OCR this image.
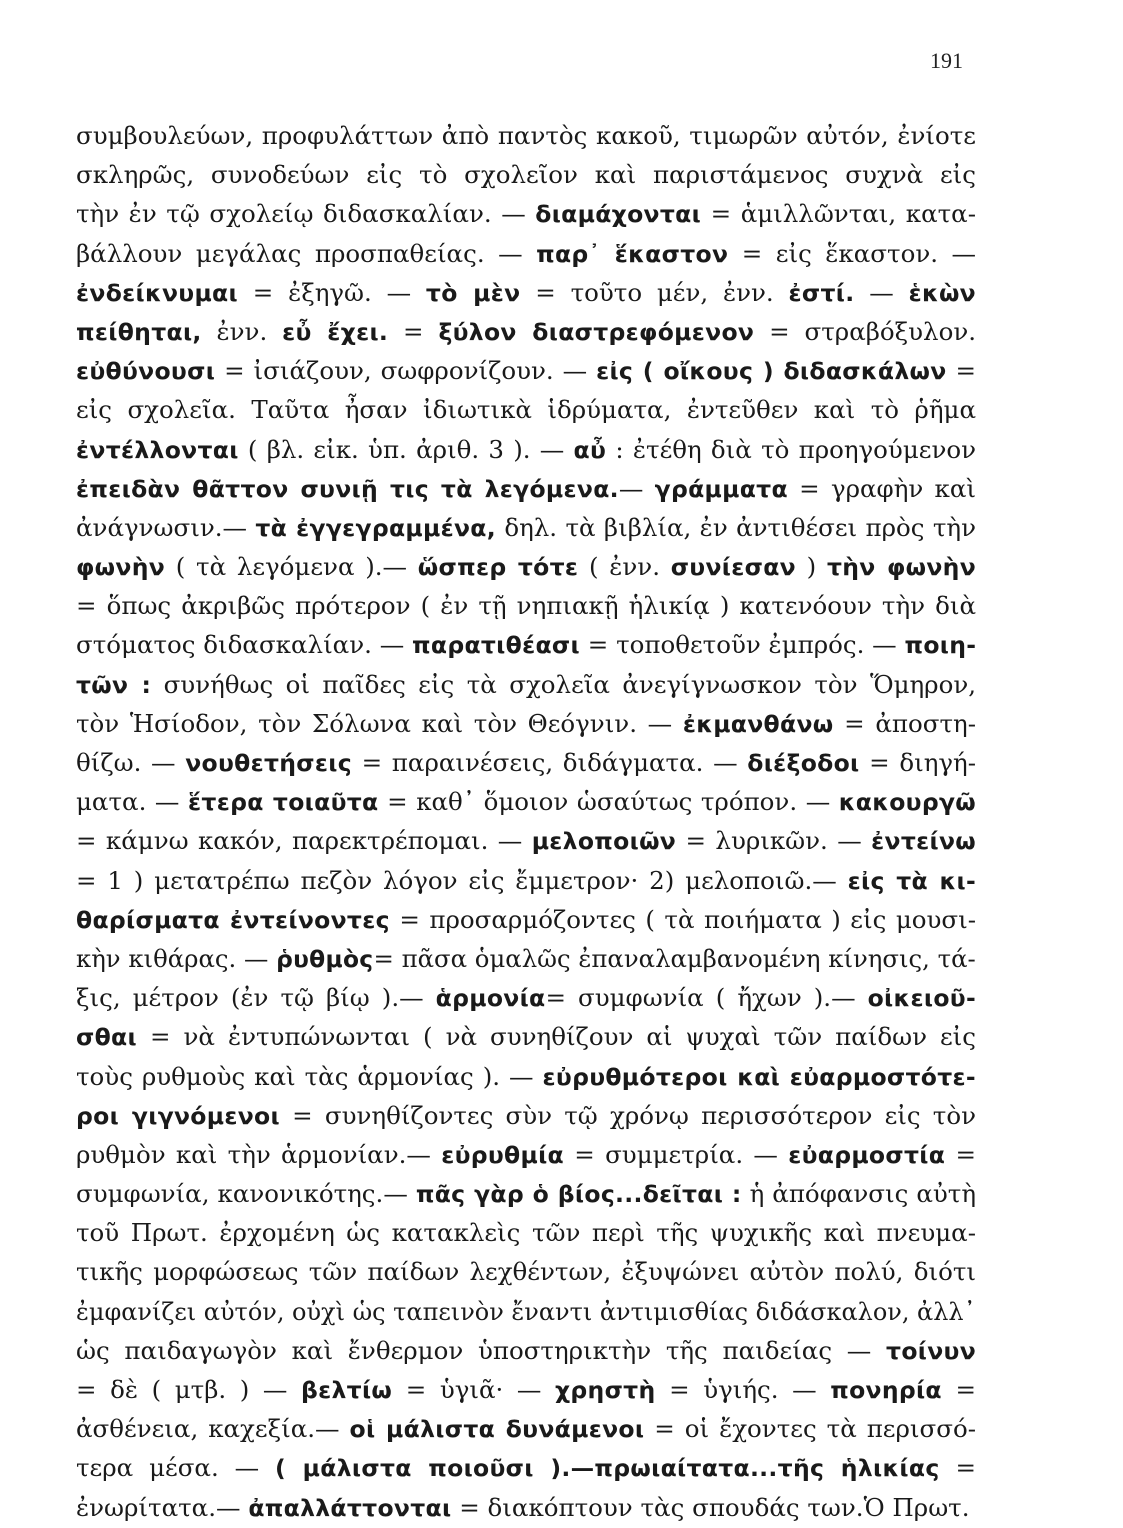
191
συμβουλεύων, προφυλάττων ἀπὸ παντὸς κακοῦ, τιμωρῶν αὐτόν, ἐνίοτε
σκληρῶς, συνοδεύων εἰς τὸ σχολεῖον καὶ παριστάμενος συχνὰ εἰς
τὴν ἐν τῷ σχολείῳ διδασκαλίαν. — διαμάχονται = ἁμιλλῶνται, κατα-
βάλλουν μεγάλας προσπαθείας. — παρ᾽ ἕκαστον = εἰς ἕκαστον. —
ἐνδείκνυμαι = ἐξηγῶ. — τὸ μὲν = τοῦτο μέν, ἐνν. ἐστί. — ἑκὼν
πείθηται, ἐνν. εὖ ἔχει. = ξύλον διαστρεφόμενον = στραβόξυλον.
εὐθύνουσι = ἰσιάζουν, σωφρονίζουν. — εἰς ( οἴκους ) διδασκάλων =
εἰς σχολεῖα. Ταῦτα ἦσαν ἰδιωτικὰ ἱδρύματα, ἐντεῦθεν καὶ τὸ ῥῆμα
ἐντέλλονται ( βλ. εἰκ. ὑπ. ἀριθ. 3 ). — αὖ : ἐτέθη διὰ τὸ προηγούμενον
ἐπειδὰν θᾶττον συνιῇ τις τὰ λεγόμενα.— γράμματα = γραφὴν καὶ
ἀνάγνωσιν.— τὰ ἐγγεγραμμένα, δηλ. τὰ βιβλία, ἐν ἀντιθέσει πρὸς τὴν
φωνὴν ( τὰ λεγόμενα ).— ὥσπερ τότε ( ἐνν. συνίεσαν ) τὴν φωνὴν
= ὅπως ἀκριβῶς πρότερον ( ἐν τῇ νηπιακῇ ἡλικίᾳ ) κατενόουν τὴν διὰ
στόματος διδασκαλίαν. — παρατιθέασι = τοποθετοῦν ἐμπρός. — ποιη-
τῶν : συνήθως οἱ παῖδες εἰς τὰ σχολεῖα ἀνεγίγνωσκον τὸν Ὅμηρον,
τὸν Ἡσίοδον, τὸν Σόλωνα καὶ τὸν Θεόγνιν. — ἐκμανθάνω = ἀποστη-
θίζω. — νουθετήσεις = παραινέσεις, διδάγματα. — διέξοδοι = διηγή-
ματα. — ἕτερα τοιαῦτα = καθ᾽ ὅμοιον ὡσαύτως τρόπον. — κακουργῶ
= κάμνω κακόν, παρεκτρέπομαι. — μελοποιῶν = λυρικῶν. — ἐντείνω
= 1 ) μετατρέπω πεζὸν λόγον εἰς ἔμμετρον· 2) μελοποιῶ.— εἰς τὰ κι-
θαρίσματα ἐντείνοντες = προσαρμόζοντες ( τὰ ποιήματα ) εἰς μουσι-
κὴν κιθάρας. — ῥυθμὸς= πᾶσα ὁμαλῶς ἐπαναλαμβανομένη κίνησις, τά-
ξις, μέτρον (ἐν τῷ βίῳ ).— ἁρμονία= συμφωνία ( ἤχων ).— οἰκειοῦ-
σθαι = νὰ ἐντυπώνωνται ( νὰ συνηθίζουν αἱ ψυχαὶ τῶν παίδων εἰς
τοὺς ρυθμοὺς καὶ τὰς ἁρμονίας ). — εὐρυθμότεροι καὶ εὐαρμοστότε-
ροι γιγνόμενοι = συνηθίζοντες σὺν τῷ χρόνῳ περισσότερον εἰς τὸν
ρυθμὸν καὶ τὴν ἁρμονίαν.— εὐρυθμία = συμμετρία. — εὐαρμοστία =
συμφωνία, κανονικότης.— πᾶς γὰρ ὁ βίος...δεῖται : ἡ ἀπόφανσις αὐτὴ
τοῦ Πρωτ. ἐρχομένη ὡς κατακλεὶς τῶν περὶ τῆς ψυχικῆς καὶ πνευμα-
τικῆς μορφώσεως τῶν παίδων λεχθέντων, ἐξυψώνει αὐτὸν πολύ, διότι
ἐμφανίζει αὐτόν, οὐχὶ ὡς ταπεινὸν ἔναντι ἀντιμισθίας διδάσκαλον, ἀλλ᾽
ὡς παιδαγωγὸν καὶ ἔνθερμον ὑποστηρικτὴν τῆς παιδείας — τοίνυν
= δὲ ( μτβ. ) — βελτίω = ὑγιᾶ· — χρηστὴ = ὑγιής. — πονηρία =
ἀσθένεια, καχεξία.— οἱ μάλιστα δυνάμενοι = οἱ ἔχοντες τὰ περισσό-
τερα μέσα. — ( μάλιστα ποιοῦσι ).—πρωιαίτατα...τῆς ἡλικίας =
ἐνωρίτατα.— ἀπαλλάττονται = διακόπτουν τὰς σπουδάς των.Ὁ Πρωτ.
